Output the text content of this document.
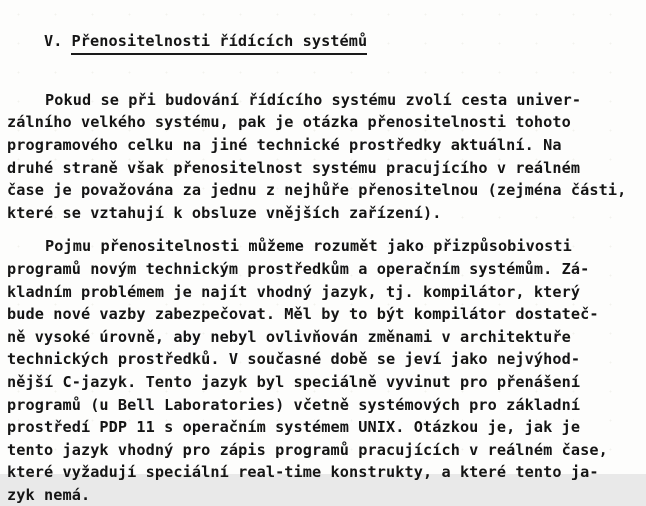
V. Přenositelnosti řídících systémů

Pokud se při budování řídícího systému zvolí cesta univer-
zálního velkého systému, pak je otázka přenositelnosti tohoto
programového celku na jiné technické prostředky aktuální. Na
druhé straně však přenositelnost systému pracujícího v reálném
čase je považována za jednu z nejhůře přenositelnou (zejména části,
které se vztahují k obsluze vnějších zařízení).
Pojmu přenositelnosti můžeme rozumět jako přizpůsobivosti
programů novým technickým prostředkům a operačním systémům. Zá-
kladním problémem je najít vhodný jazyk, tj. kompilátor, který
bude nové vazby zabezpečovat. Měl by to být kompilátor dostateč-
ně vysoké úrovně, aby nebyl ovlivňován změnami v architektuře
technických prostředků. V současné době se jeví jako nejvýhod-
nější C-jazyk. Tento jazyk byl speciálně vyvinut pro přenášení
programů (u Bell Laboratories) včetně systémových pro základní
prostředí PDP 11 s operačním systémem UNIX. Otázkou je, jak je
tento jazyk vhodný pro zápis programů pracujících v reálném čase,
které vyžadují speciální real-time konstrukty, a které tento ja-
zyk nemá.
